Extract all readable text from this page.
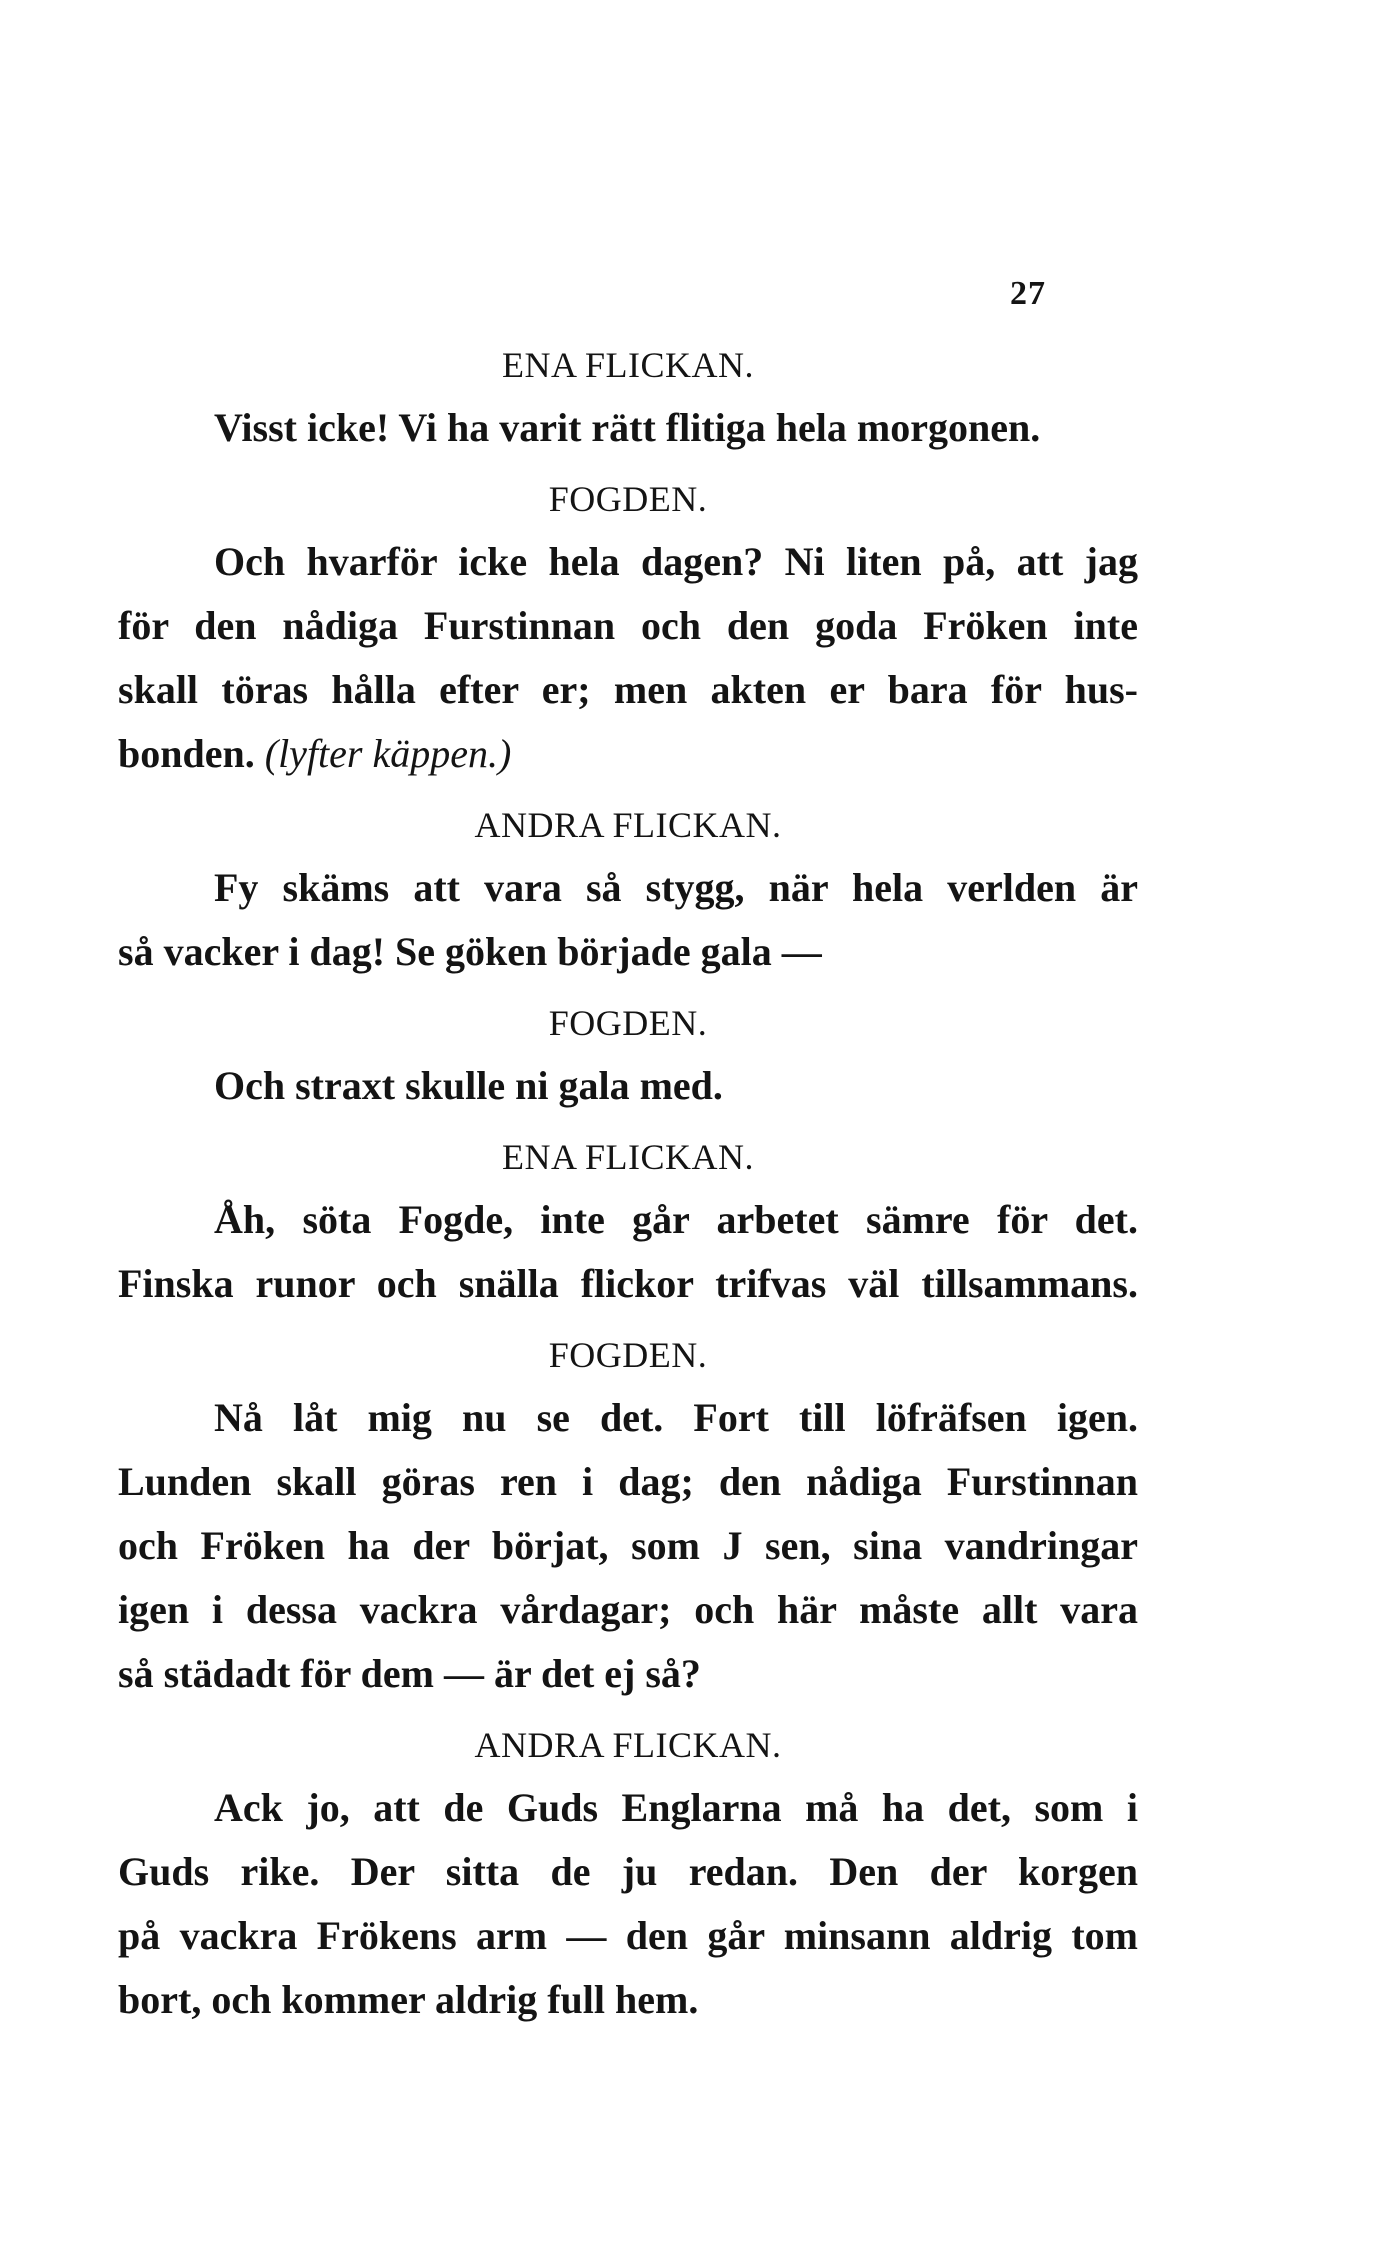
27
ENA FLICKAN.
Visst icke! Vi ha varit rätt flitiga hela morgonen.
FOGDEN.
Och hvarför icke hela dagen? Ni liten på, att jag
för den nådiga Furstinnan och den goda Fröken inte
skall töras hålla efter er; men akten er bara för hus-
bonden. (lyfter käppen.)
ANDRA FLICKAN.
Fy skäms att vara så stygg, när hela verlden är
så vacker i dag! Se göken började gala —
FOGDEN.
Och straxt skulle ni gala med.
ENA FLICKAN.
Åh, söta Fogde, inte går arbetet sämre för det.
Finska runor och snälla flickor trifvas väl tillsammans.
FOGDEN.
Nå låt mig nu se det. Fort till löfräfsen igen.
Lunden skall göras ren i dag; den nådiga Furstinnan
och Fröken ha der börjat, som J sen, sina vandringar
igen i dessa vackra vårdagar; och här måste allt vara
så städadt för dem — är det ej så?
ANDRA FLICKAN.
Ack jo, att de Guds Englarna må ha det, som i
Guds rike. Der sitta de ju redan. Den der korgen
på vackra Frökens arm — den går minsann aldrig tom
bort, och kommer aldrig full hem.
